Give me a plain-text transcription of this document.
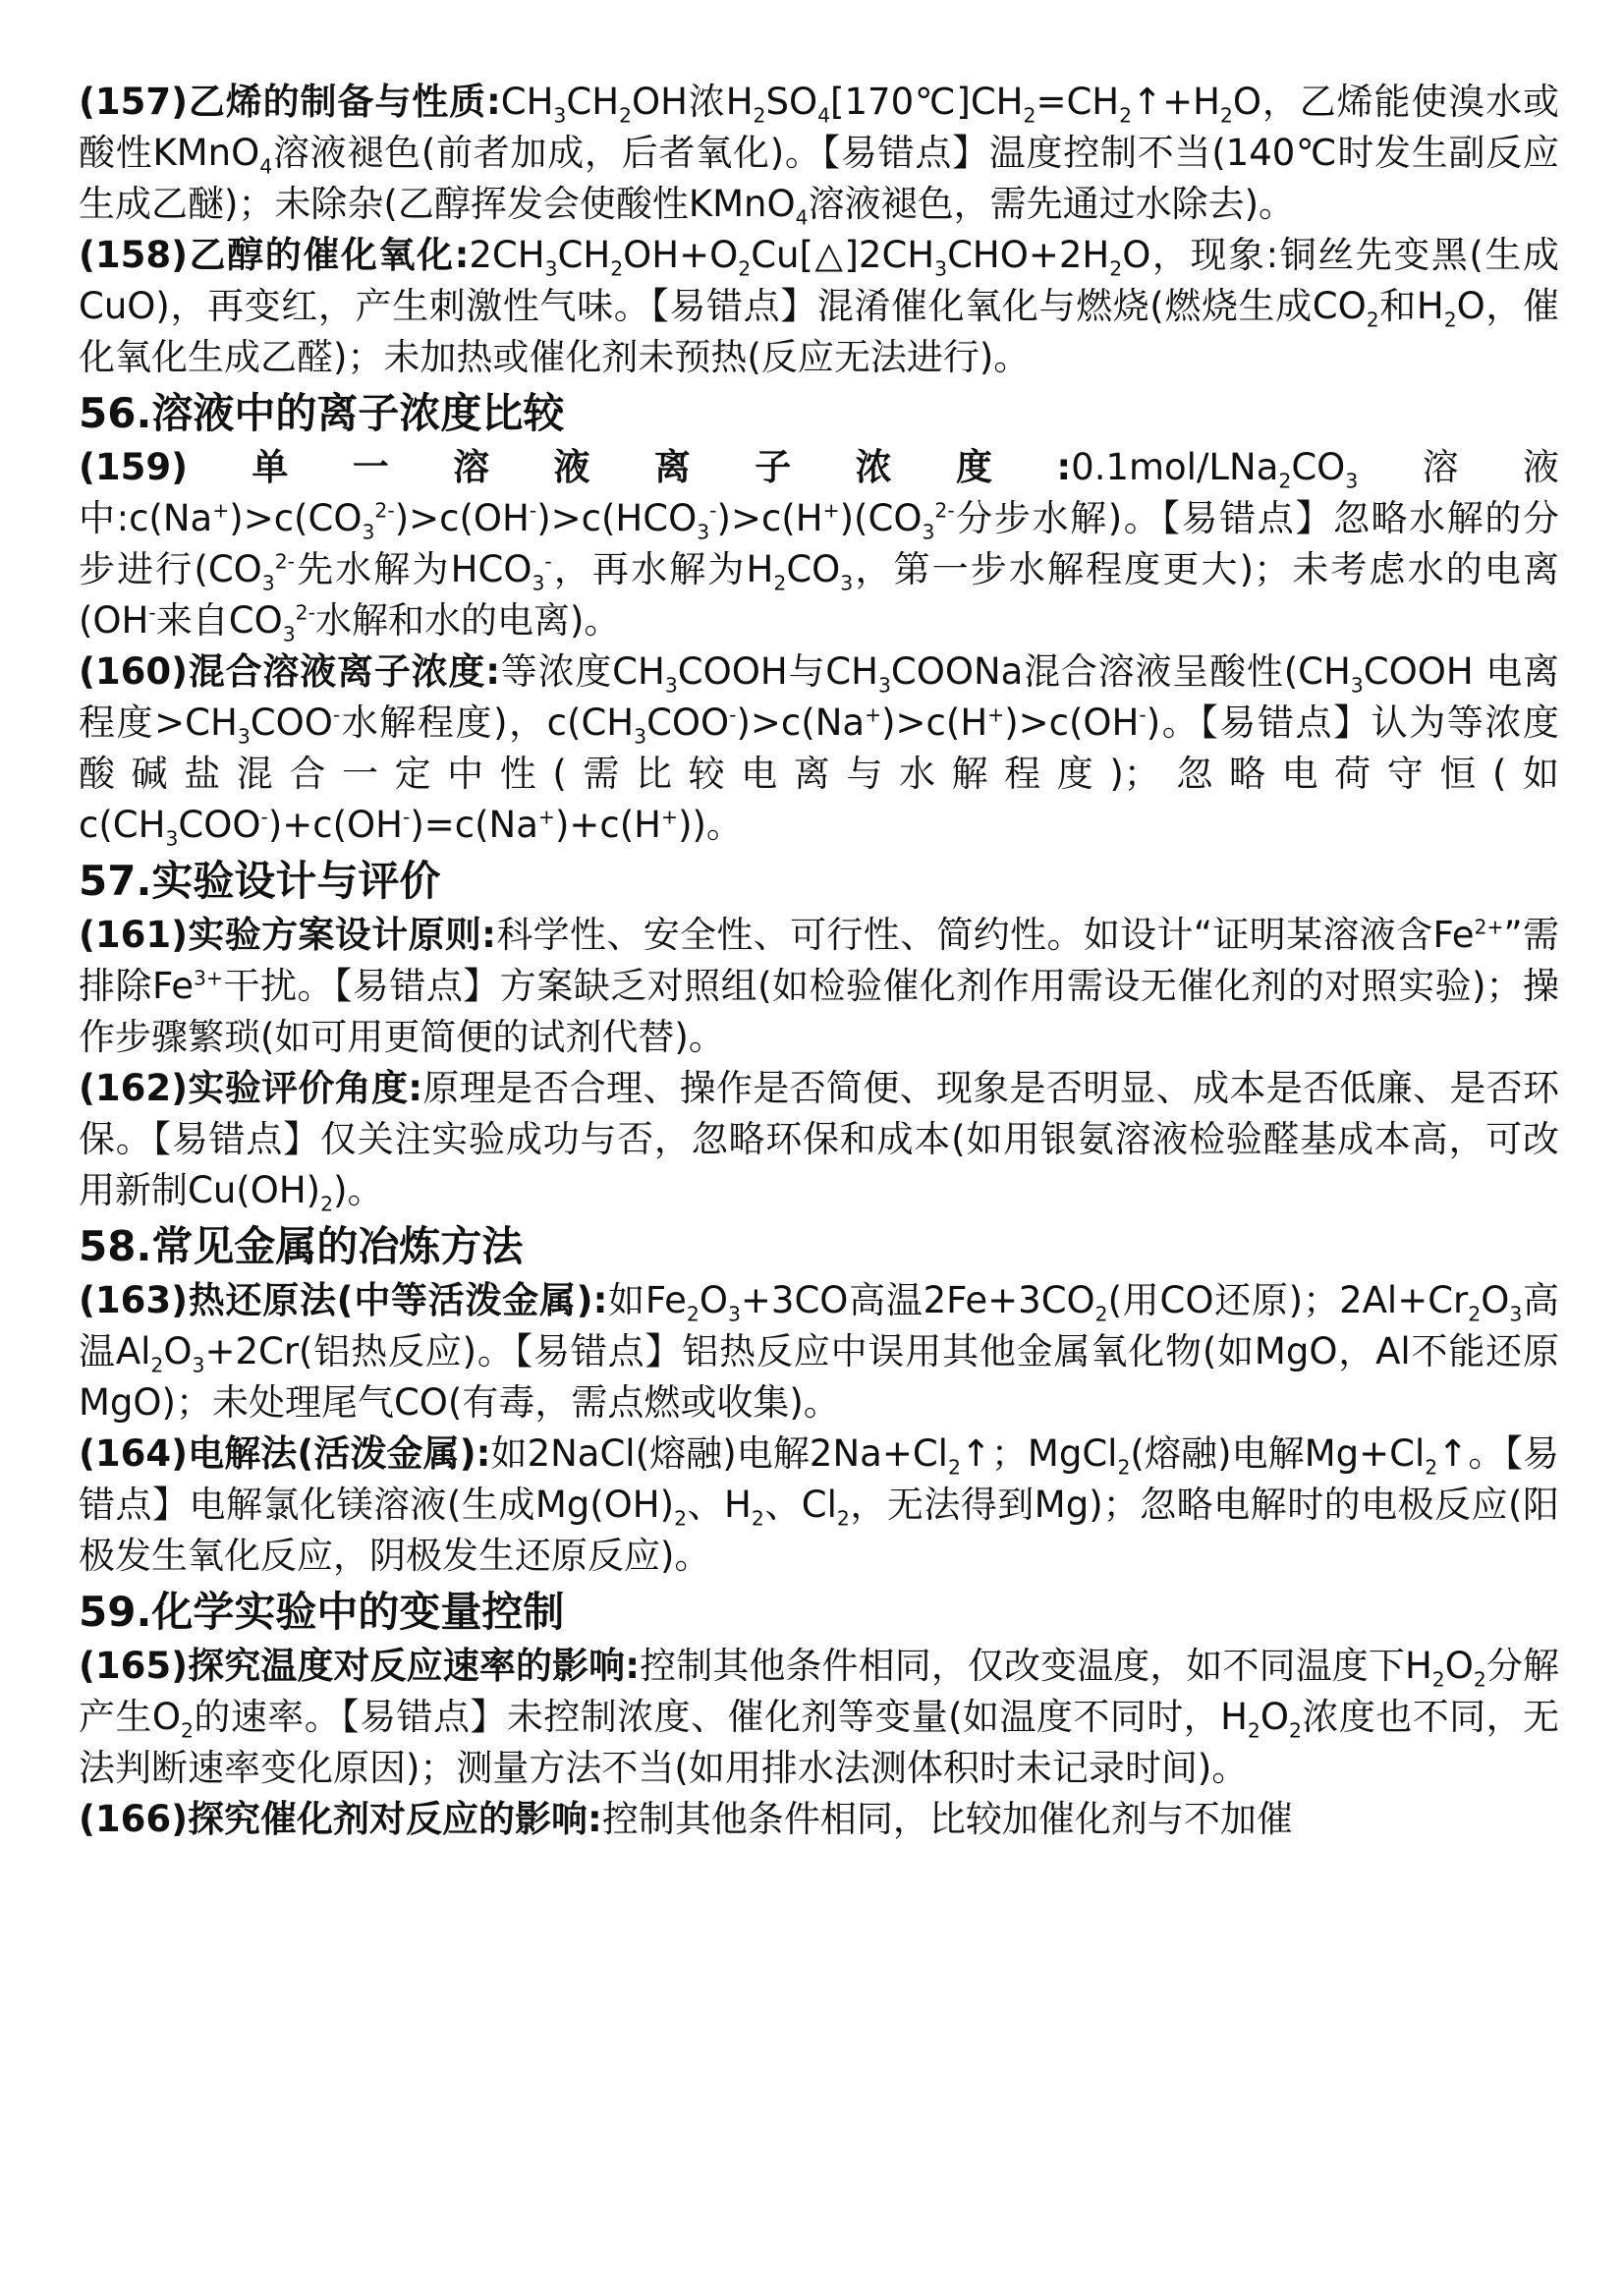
(157)乙烯的制备与性质$:CH_3CH_2OH$浓$H_2SO_4[170℃]CH_2=CH_2↑+H_2O$，乙烯能使溴水或酸性KMnO$_4$溶液褪色(前者加成，后者氧化)。【易错点】温度控制不当(140℃时发生副反应生成乙醚)；未除杂(乙醇挥发会使酸性KMnO$_4$溶液褪色，需先通过水除去)。
(158)乙醇的催化氧化$:2CH_3CH_2OH+O_2Cu[\triangle]2CH_3CHO+2H_2O$，现象:铜丝先变黑(生成CuO)，再变红，产生刺激性气味。【易错点】混淆催化氧化与燃烧(燃烧生成$CO_2$和$H_2O$，催化氧化生成乙醛)；未加热或催化剂未预热(反应无法进行)。
56.溶液中的离子浓度比较
(159)单一溶液离子浓度$:0.1mol/LNa_2CO_3$溶液中$:c(Na^+)>c(CO_3^{2-})>c(OH^-)>c(HCO_3^-)>c(H^+)(CO_3^{2-}$分步水解)。【易错点】忽略水解的分步进行($CO_3^{2-}$先水解为$HCO_3^-$，再水解为$H_2CO_3$，第一步水解程度更大)；未考虑水的电离(OH-来自$CO_3^{2-}$水解和水的电离)。
(160)混合溶液离子浓度:等浓度$CH_3COOH$与$CH_3COONa$混合溶液呈酸性($CH_3COOH$ 电离程度$>CH_3COO^-$水解程度)，$c(CH_3COO^-)>c(Na^+)>c(H^+)>c(OH^-)$。【易错点】认为等浓度酸碱盐混合一定中性(需比较电离与水解程度)；忽略电荷守恒(如$c(CH_3COO^-)+c(OH^-)=c(Na^+)+c(H^+)$)。
57.实验设计与评价
(161)实验方案设计原则:科学性、安全性、可行性、简约性。如设计“证明某溶液含$Fe^{2+}$”需排除$Fe^{3+}$干扰。【易错点】方案缺乏对照组(如检验催化剂作用需设无催化剂的对照实验)；操作步骤繁琐(如可用更简便的试剂代替)。
(162)实验评价角度:原理是否合理、操作是否简便、现象是否明显、成本是否低廉、是否环保。【易错点】仅关注实验成功与否，忽略环保和成本(如用银氨溶液检验醛基成本高，可改用新制$Cu(OH)_2$)。
58.常见金属的冶炼方法
(163)热还原法(中等活泼金属):如$Fe_2O_3+3CO$高温$2Fe+3CO_2$(用CO还原)；$2Al+Cr_2O_3$高温$Al_2O_3+2Cr$(铝热反应)。【易错点】铝热反应中误用其他金属氧化物(如MgO，Al不能还原MgO)；未处理尾气CO(有毒，需点燃或收集)。
(164)电解法(活泼金属):如2NaCl(熔融)电解$2Na+Cl_2↑$；MgCl$_2$(熔融)电解$Mg+Cl_2↑$。【易错点】电解氯化镁溶液(生成$Mg(OH)_2$、$H_2$、$Cl_2$，无法得到Mg)；忽略电解时的电极反应(阳极发生氧化反应，阴极发生还原反应)。
59.化学实验中的变量控制
(165)探究温度对反应速率的影响:控制其他条件相同，仅改变温度，如不同温度下$H_2O_2$分解产生$O_2$的速率。【易错点】未控制浓度、催化剂等变量(如温度不同时，$H_2O_2$浓度也不同，无法判断速率变化原因)；测量方法不当(如用排水法测体积时未记录时间)。
(166)探究催化剂对反应的影响:控制其他条件相同，比较加催化剂与不加催
